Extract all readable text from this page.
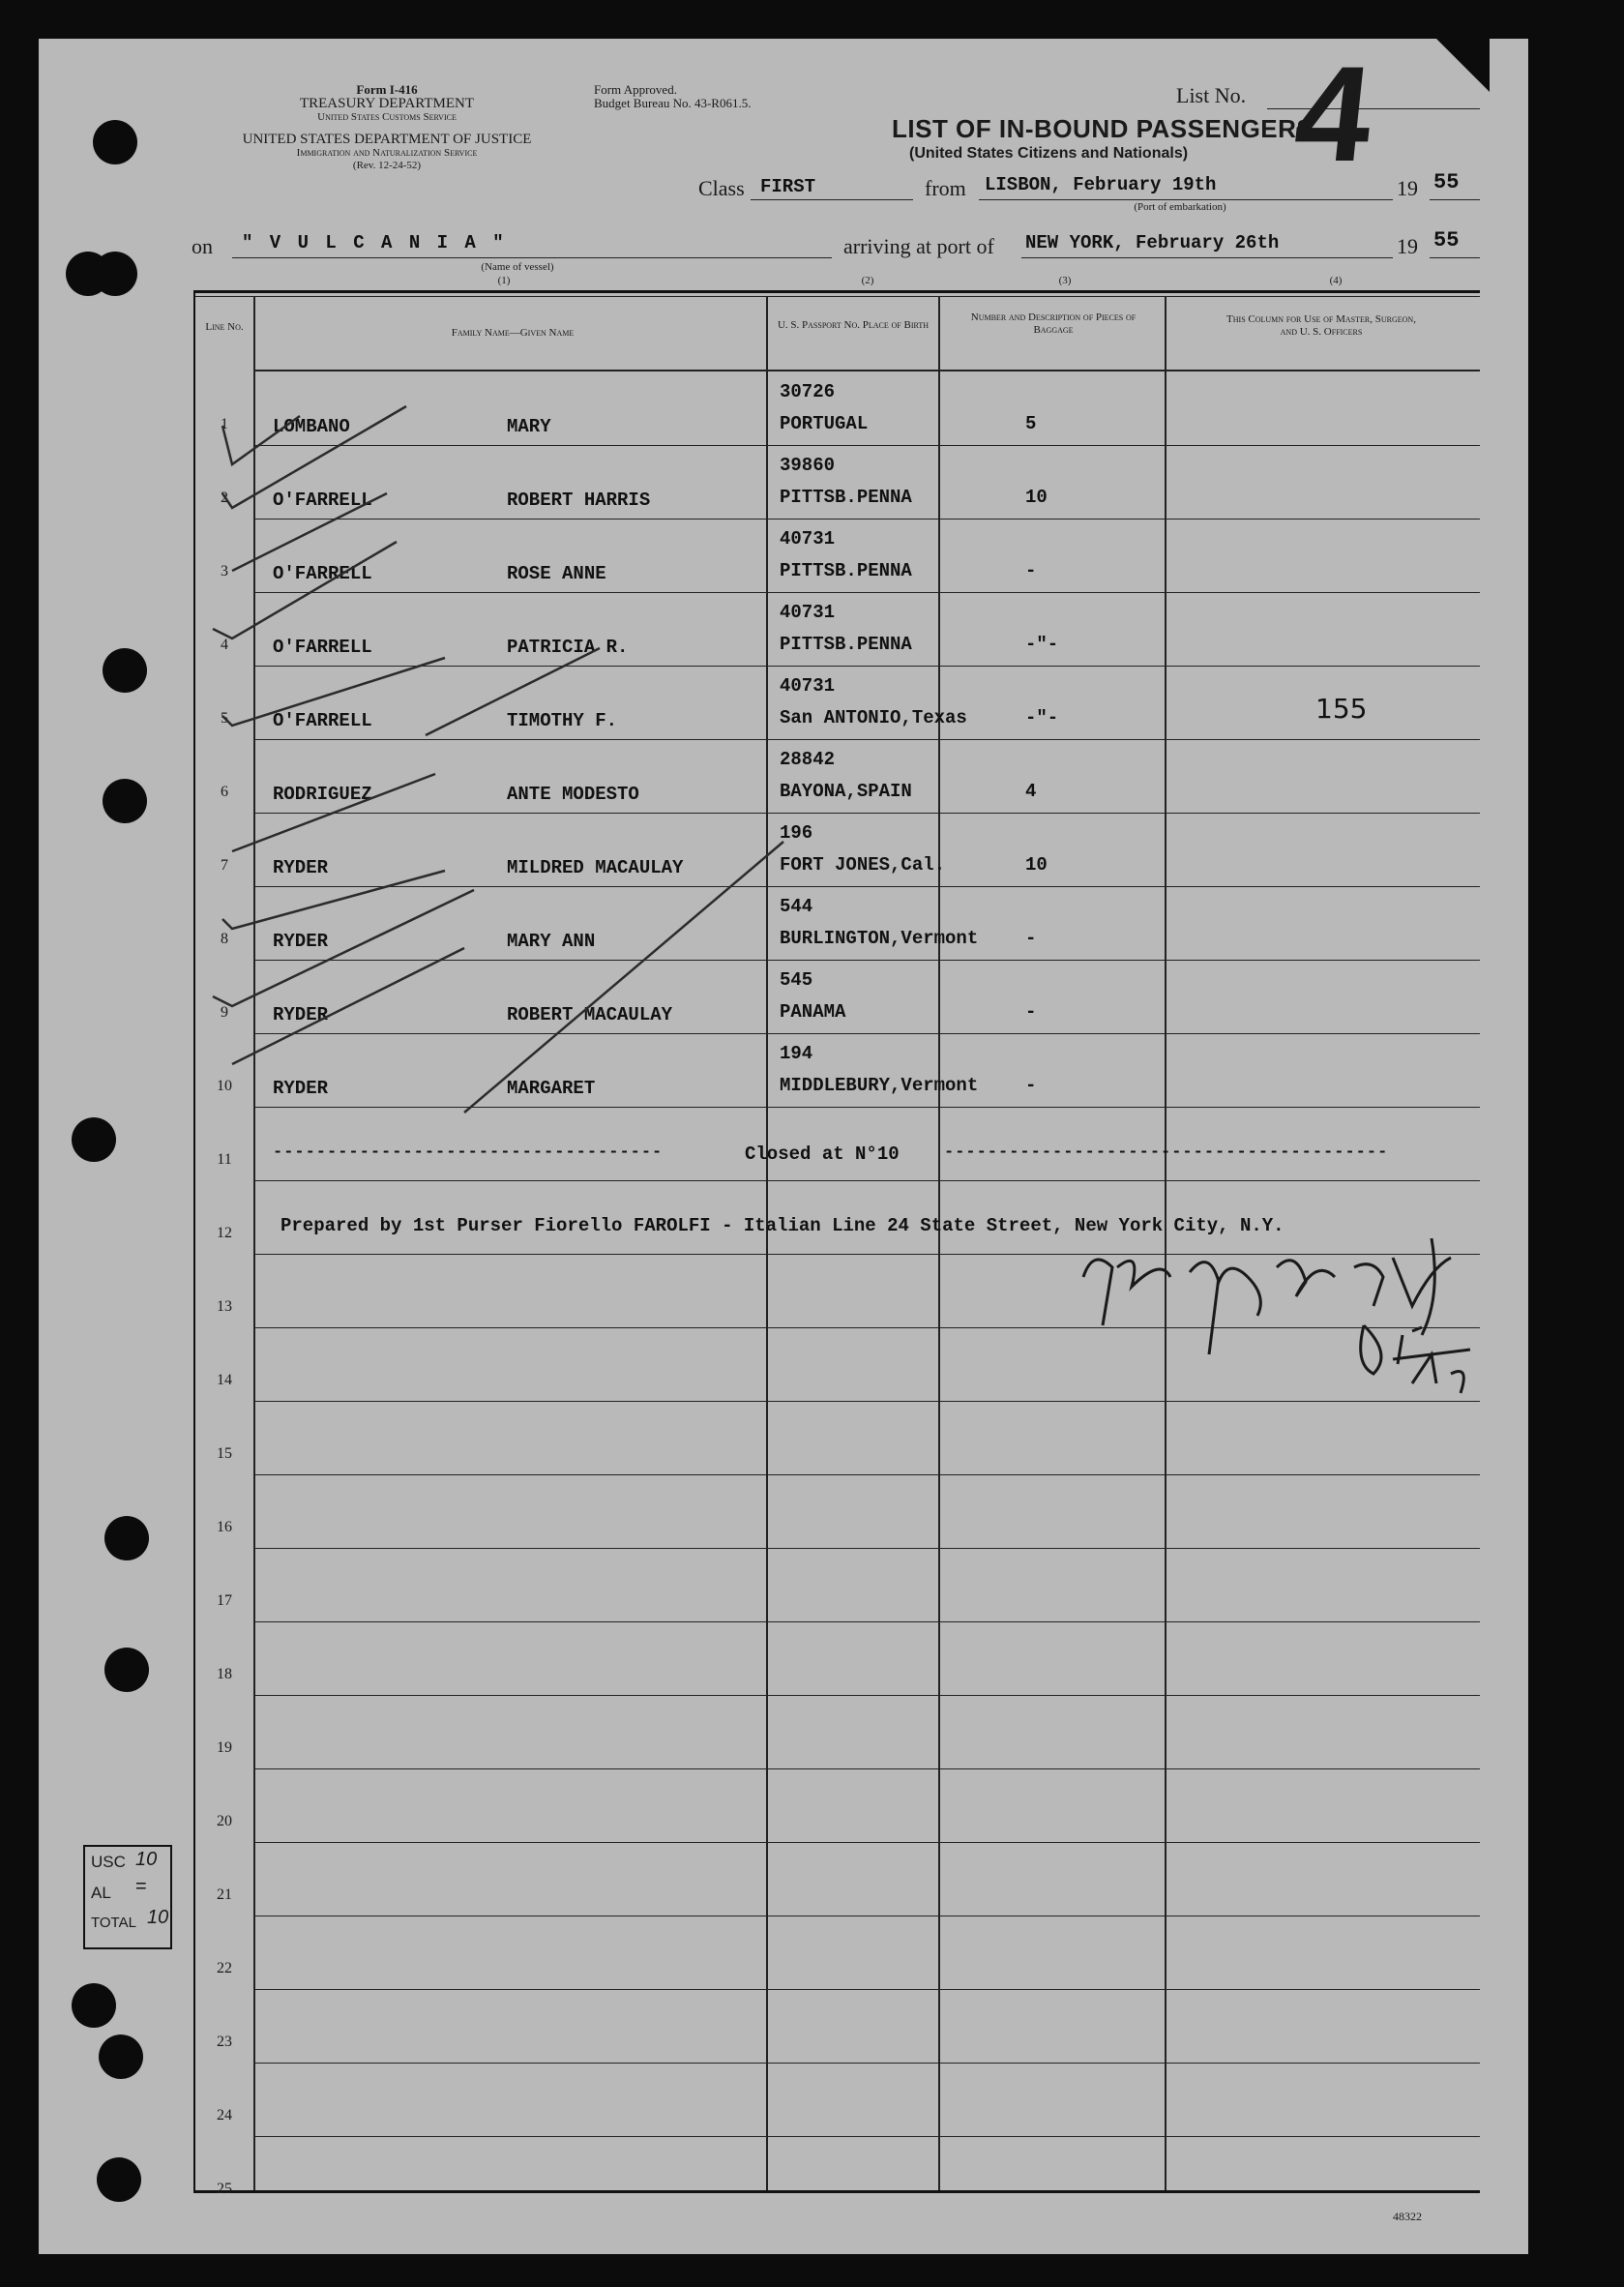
Form I-416
TREASURY DEPARTMENT
United States Customs Service
UNITED STATES DEPARTMENT OF JUSTICE
Immigration and Naturalization Service
(Rev. 12-24-52)
Form Approved.
Budget Bureau No. 43-R061.5.	List No. 4
LIST OF IN-BOUND PASSENGERS
(United States Citizens and Nationals)
Class FIRST	from LISBON, February 19th
(Port of embarkation)
19 55
on " V U L C A N I A "
(Name of vessel)
arriving at port of NEW YORK, February 26th	19 55
(1)	(2)	(3)	(4)
Line No.	Family Name—Given Name
U. S. Passport No. Place of Birth
Number and Description of Pieces of Baggage
This Column for Use of Master, Surgeon, and U. S. Officers
11
12
13
14
15
16
17
18
19
20
21
22
23
24
25
1	LOMBANO	MARY
30726
PORTUGAL	5
2	O'FARRELL	ROBERT HARRIS
39860
PITTSB.PENNA	10
3	O'FARRELL	ROSE ANNE
40731
PITTSB.PENNA	-
4	O'FARRELL	PATRICIA R.
40731
PITTSB.PENNA	-"-
5	O'FARRELL	TIMOTHY F.
40731
San ANTONIO,Texas	-"-	155
6	RODRIGUEZ	ANTE MODESTO
28842
BAYONA,SPAIN	4
7	RYDER	MILDRED MACAULAY
196
FORT JONES,Cal.	10
8	RYDER	MARY ANN
544
BURLINGTON,Vermont	-
9	RYDER	ROBERT MACAULAY
545
PANAMA	-
10	RYDER	MARGARET
194
MIDDLEBURY,Vermont	-
------------------------------------	Closed at N°10	-----------------------------------------
Prepared by 1st Purser Fiorello FAROLFI - Italian Line 24 State Street, New York City, N.Y.
USC 10
AL =
TOTAL 10
48322
